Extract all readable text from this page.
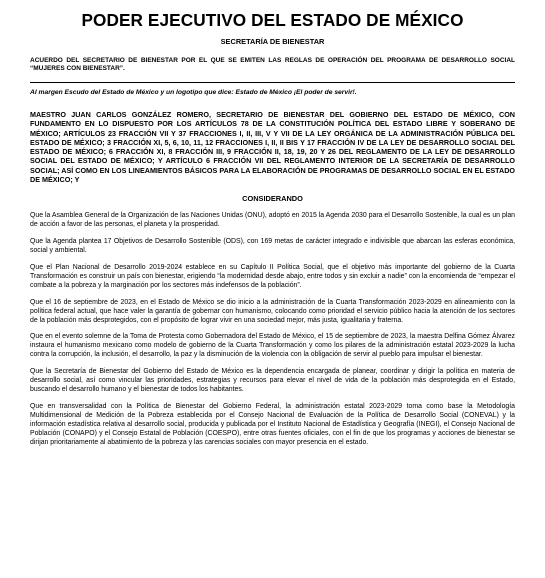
PODER EJECUTIVO DEL ESTADO DE MÉXICO
SECRETARÍA DE BIENESTAR

ACUERDO DEL SECRETARIO DE BIENESTAR POR EL QUE SE EMITEN LAS REGLAS DE OPERACIÓN DEL PROGRAMA DE DESARROLLO SOCIAL “MUJERES CON BIENESTAR”.

Al margen Escudo del Estado de México y un logotipo que dice: Estado de México ¡El poder de servir!.

MAESTRO JUAN CARLOS GONZÁLEZ ROMERO, SECRETARIO DE BIENESTAR DEL GOBIERNO DEL ESTADO DE MÉXICO, CON FUNDAMENTO EN LO DISPUESTO POR LOS ARTÍCULOS 78 DE LA CONSTITUCIÓN POLÍTICA DEL ESTADO LIBRE Y SOBERANO DE MÉXICO; ARTÍCULOS 23 FRACCIÓN VII Y 37 FRACCIONES I, II, III, V Y VII DE LA LEY ORGÁNICA DE LA ADMINISTRACIÓN PÚBLICA DEL ESTADO DE MÉXICO; 3 FRACCIÓN XI, 5, 6, 10, 11, 12 FRACCIONES I, II, II BIS Y 17 FRACCIÓN IV DE LA LEY DE DESARROLLO SOCIAL DEL ESTADO DE MÉXICO; 6 FRACCIÓN XI, 8 FRACCIÓN III, 9 FRACCIÓN II, 18, 19, 20 Y 26 DEL REGLAMENTO DE LA LEY DE DESARROLLO SOCIAL DEL ESTADO DE MÉXICO; Y ARTÍCULO 6 FRACCIÓN VII DEL REGLAMENTO INTERIOR DE LA SECRETARÍA DE DESARROLLO SOCIAL; ASÍ COMO EN LOS LINEAMIENTOS BÁSICOS PARA LA ELABORACIÓN DE PROGRAMAS DE DESARROLLO SOCIAL EN EL ESTADO DE MÉXICO; Y

CONSIDERANDO

Que la Asamblea General de la Organización de las Naciones Unidas (ONU), adoptó en 2015 la Agenda 2030 para el Desarrollo Sostenible, la cual es un plan de acción a favor de las personas, el planeta y la prosperidad.

Que la Agenda plantea 17 Objetivos de Desarrollo Sostenible (ODS), con 169 metas de carácter integrado e indivisible que abarcan las esferas económica, social y ambiental.

Que el Plan Nacional de Desarrollo 2019-2024 establece en su Capítulo II Política Social, que el objetivo más importante del gobierno de la Cuarta Transformación es construir un país con bienestar, erigiendo “la modernidad desde abajo, entre todos y sin excluir a nadie” con la encomienda de “empezar el combate a la pobreza y la marginación por los sectores más indefensos de la población”.

Que el 16 de septiembre de 2023, en el Estado de México se dio inicio a la administración de la Cuarta Transformación 2023-2029 en alineamiento con la política federal actual, que hace valer la garantía de gobernar con humanismo, colocando como prioridad el servicio público hacia la atención de los sectores de la población más desprotegidos, con el propósito de lograr vivir en una sociedad mejor, más justa, igualitaria y fraterna.

Que en el evento solemne de la Toma de Protesta como Gobernadora del Estado de México, el 15 de septiembre de 2023, la maestra Delfina Gómez Álvarez instaura el humanismo mexicano como modelo de gobierno de la Cuarta Transformación y como los pilares de la administración estatal 2023-2029 la lucha contra la corrupción, la inclusión, el desarrollo, la paz y la disminución de la violencia con la obligación de servir al pueblo para impulsar el bienestar.

Que la Secretaría de Bienestar del Gobierno del Estado de México es la dependencia encargada de planear, coordinar y dirigir la política en materia de desarrollo social, así como vincular las prioridades, estrategias y recursos para elevar el nivel de vida de la población más desprotegida en el Estado, buscando el desarrollo humano y el bienestar de todos los habitantes.

Que en transversalidad con la Política de Bienestar del Gobierno Federal, la administración estatal 2023-2029 toma como base la Metodología Multidimensional de Medición de la Pobreza establecida por el Consejo Nacional de Evaluación de la Política de Desarrollo Social (CONEVAL) y la información estadística relativa al desarrollo social, producida y publicada por el Instituto Nacional de Estadística y Geografía (INEGI), el Consejo Nacional de Población (CONAPO) y el Consejo Estatal de Población (COESPO), entre otras fuentes oficiales, con el fin de que los programas y acciones de bienestar se dirijan prioritariamente al abatimiento de la pobreza y las carencias sociales con mayor presencia en el estado.
